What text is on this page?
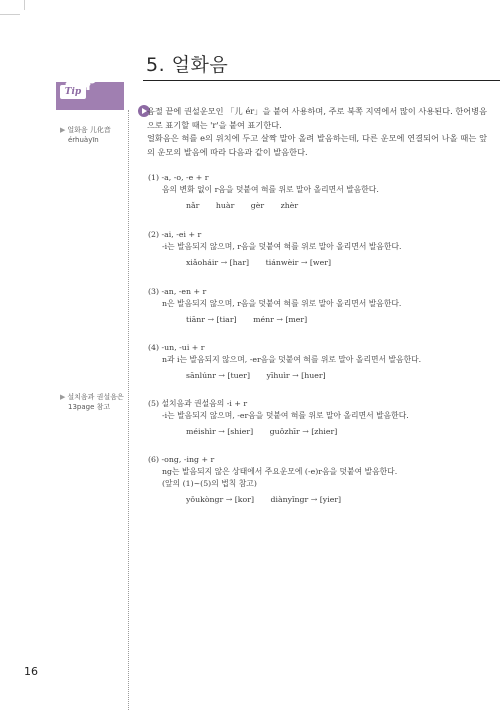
5. 얼화음
Tip
▶ 얼화음 儿化音
érhuàyīn
▶ 설치음과 권설음은
13page 참고

음절 끝에 권설운모인 「儿 ér」을 붙여 사용하며, 주로 북쪽 지역에서 많이 사용된다. 한어병음으로 표기할 때는 'r'을 붙여 표기한다.

얼화음은 혀를 e의 위치에 두고 살짝 말아 올려 발음하는데, 다른 운모에 연결되어 나올 때는 앞의 운모의 발음에 따라 다음과 같이 발음한다.

(1) -a, -o, -e + r
음의 변화 없이 r음을 덧붙여 혀를 위로 말아 올리면서 발음한다.
nǎr huàr gèr zhèr
(2) -ai, -ei + r
-i는 발음되지 않으며, r음을 덧붙여 혀를 위로 말아 올리면서 발음한다.
xiǎoháir → [har] tiánwèir → [wer]
(3) -an, -en + r
n은 발음되지 않으며, r음을 덧붙여 혀를 위로 말아 올리면서 발음한다.
tiānr → [tiar] ménr → [mer]
(4) -un, -ui + r
n과 i는 발음되지 않으며, -er음을 덧붙여 혀를 위로 말아 올리면서 발음한다.
sānlúnr → [tuer] yīhuìr → [huer]
(5) 설치음과 권설음의 -i + r
-i는 발음되지 않으며, -er음을 덧붙여 혀를 위로 말아 올리면서 발음한다.
méishìr → [shier] guǒzhīr → [zhier]
(6) -ong, -ing + r
ng는 발음되지 않은 상태에서 주요운모에 (-e)r음을 덧붙여 발음한다.
(앞의 (1)~(5)의 법칙 참고)
yǒukòngr → [kor] diànyǐngr → [yier]
16
